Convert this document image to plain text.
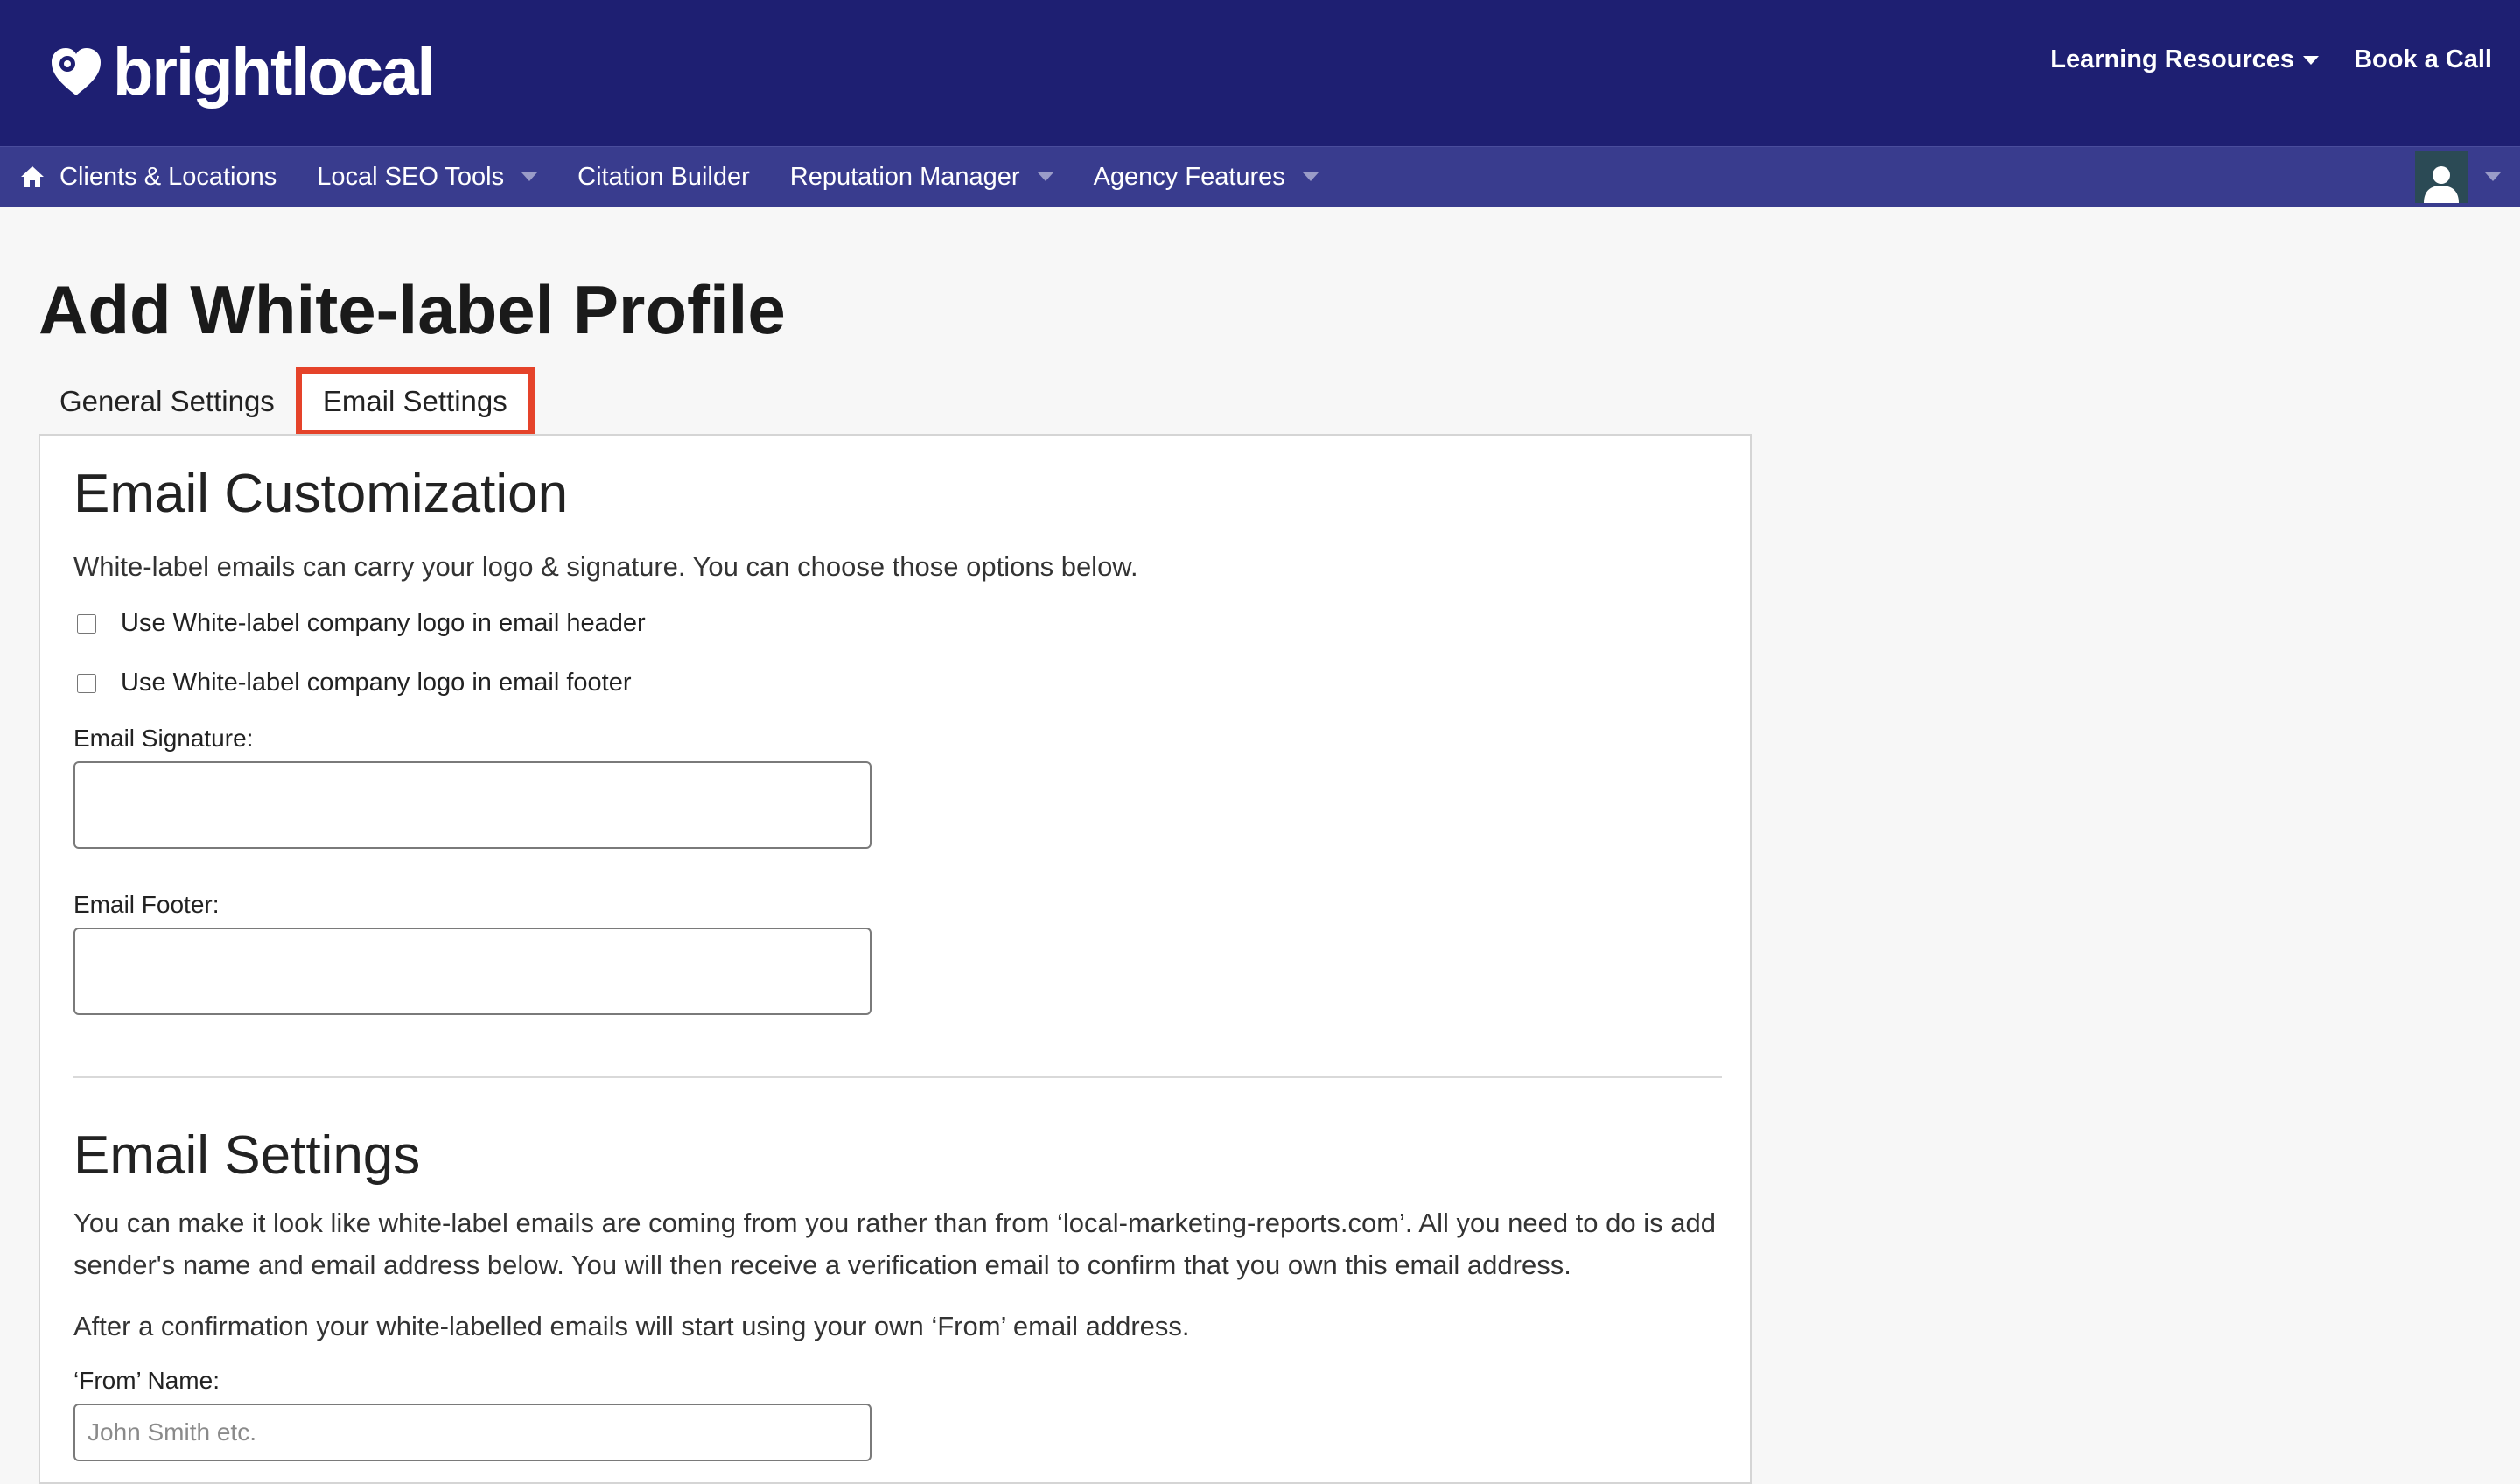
brightlocal	Learning Resources Book a Call
Clients & Locations Local SEO Tools	Citation Builder Reputation Manager	Agency Features
Add White-label Profile
General Settings	Email Settings
Email Customization

White-label emails can carry your logo & signature. You can choose those options below.

Use White-label company logo in email header
Use White-label company logo in email footer
Email Signature:
Email Footer:
Email Settings

You can make it look like white-label emails are coming from you rather than from ‘local-marketing-reports.com’. All you need to do is add sender's name and email address below. You will then receive a verification email to confirm that you own this email address.

After a confirmation your white-labelled emails will start using your own ‘From’ email address.

‘From’ Name:
John Smith etc.
